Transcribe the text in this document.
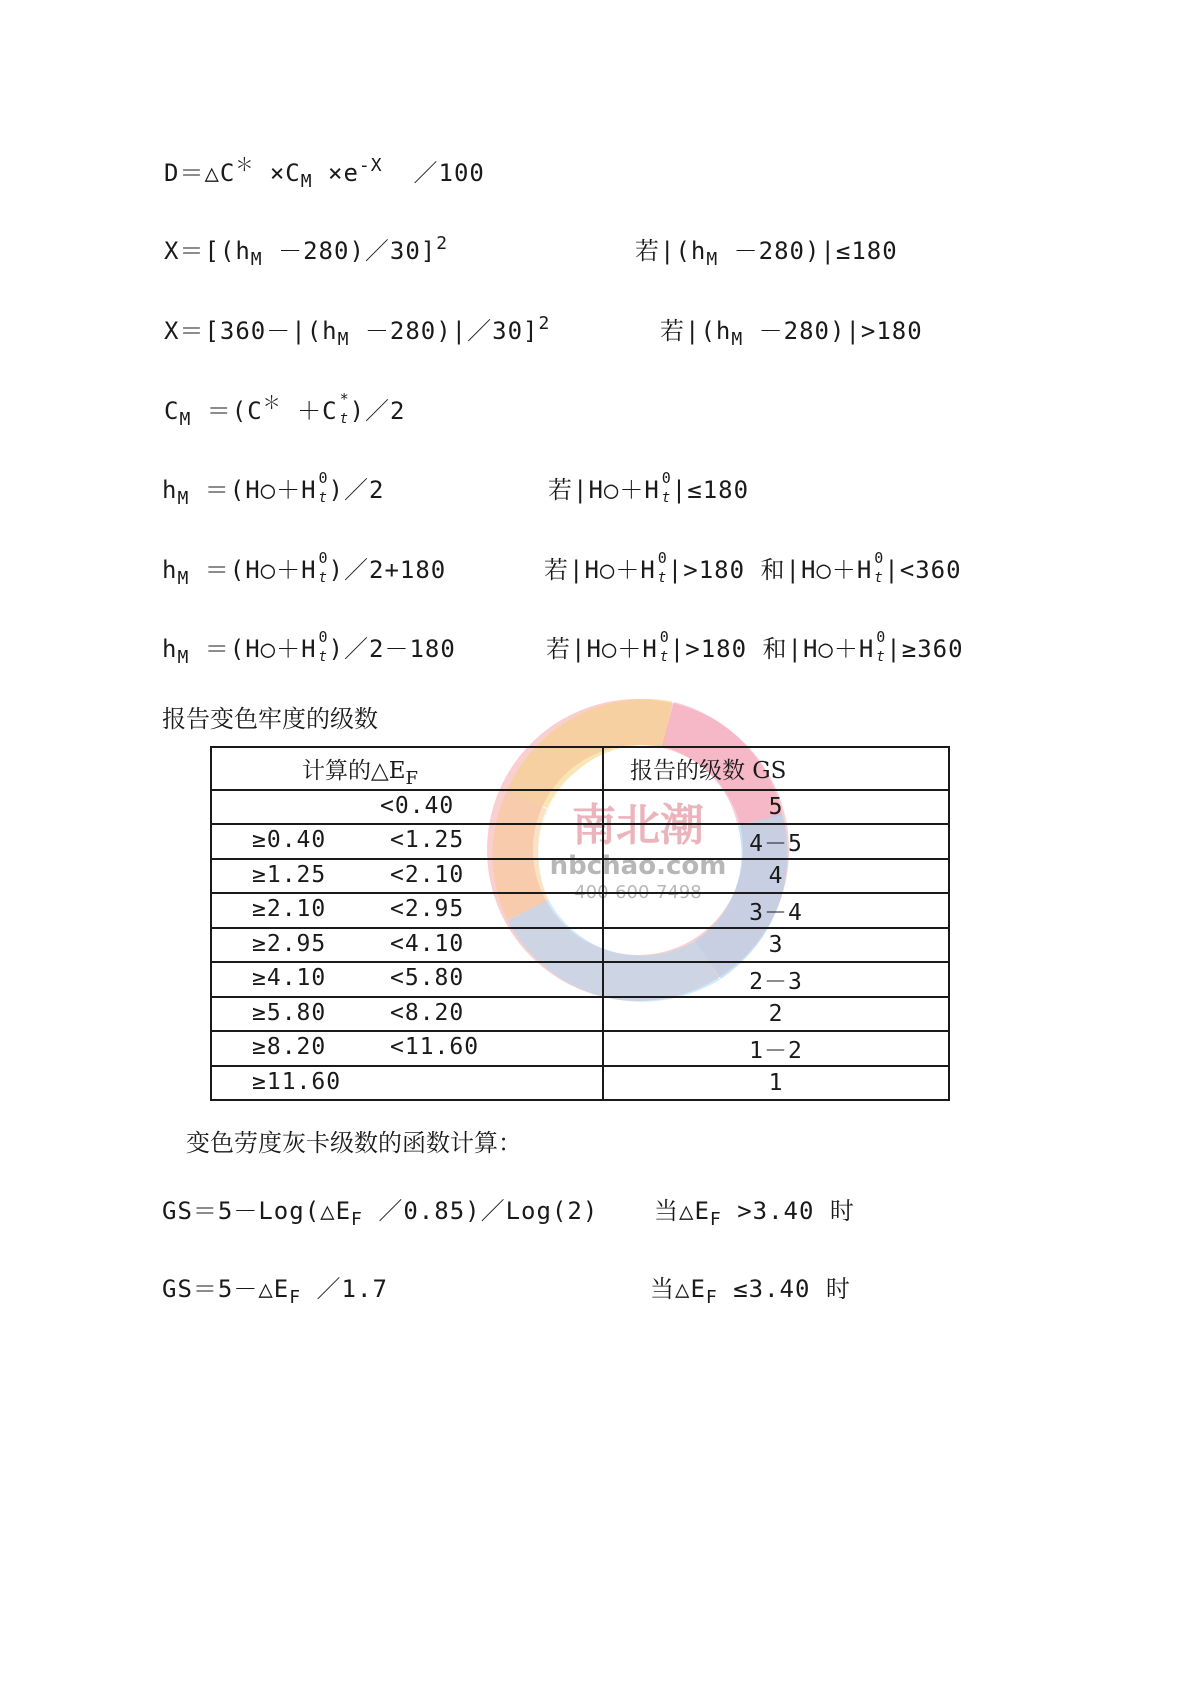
南北潮
nbchao.com
400-600-7498
D＝△C＊ $\times C_M \times e^{-X}$ ／100
$X=[(h_M$ －280)／30]$^2$	若$|(h_M -280)|\le 180$
$X=[360-|(h_M$ －280)|／30]$^2$	若$|(h_M -280)|>180$
$C_M =(C^* +C$ *
t )／2
$h_M$ ＝(H○＋H 0
t )／2	若|H○＋H 0
t |≤180
$h_M$ ＝(H○＋H 0
t )／2+180	若|H○＋H 0
t |>180 和|H○＋H 0
t |<360
$h_M$ ＝(H○＋H 0
t )／2－180	若|H○＋H 0
t |>180 和|H○＋H 0
t |≥360
报告变色牢度的级数
计算的$\triangle E_F$	报告的级数 GS

<0.40	5

≥0.40 <1.25	4－5

≥1.25 <2.10	4

≥2.10 <2.95	3－4

≥2.95 <4.10	3

≥4.10 <5.80	2－3

≥5.80 <8.20	2

≥8.20 <11.60	1－2

≥11.60	1
变色劳度灰卡级数的函数计算：
$GS=5-Log(\triangle E_F$ ／0.85)／Log(2) 当$\triangle E_F >3.40$ 时
$GS=5-\triangle E_F$ ／1.7	当$\triangle E_F \le 3.40$ 时
